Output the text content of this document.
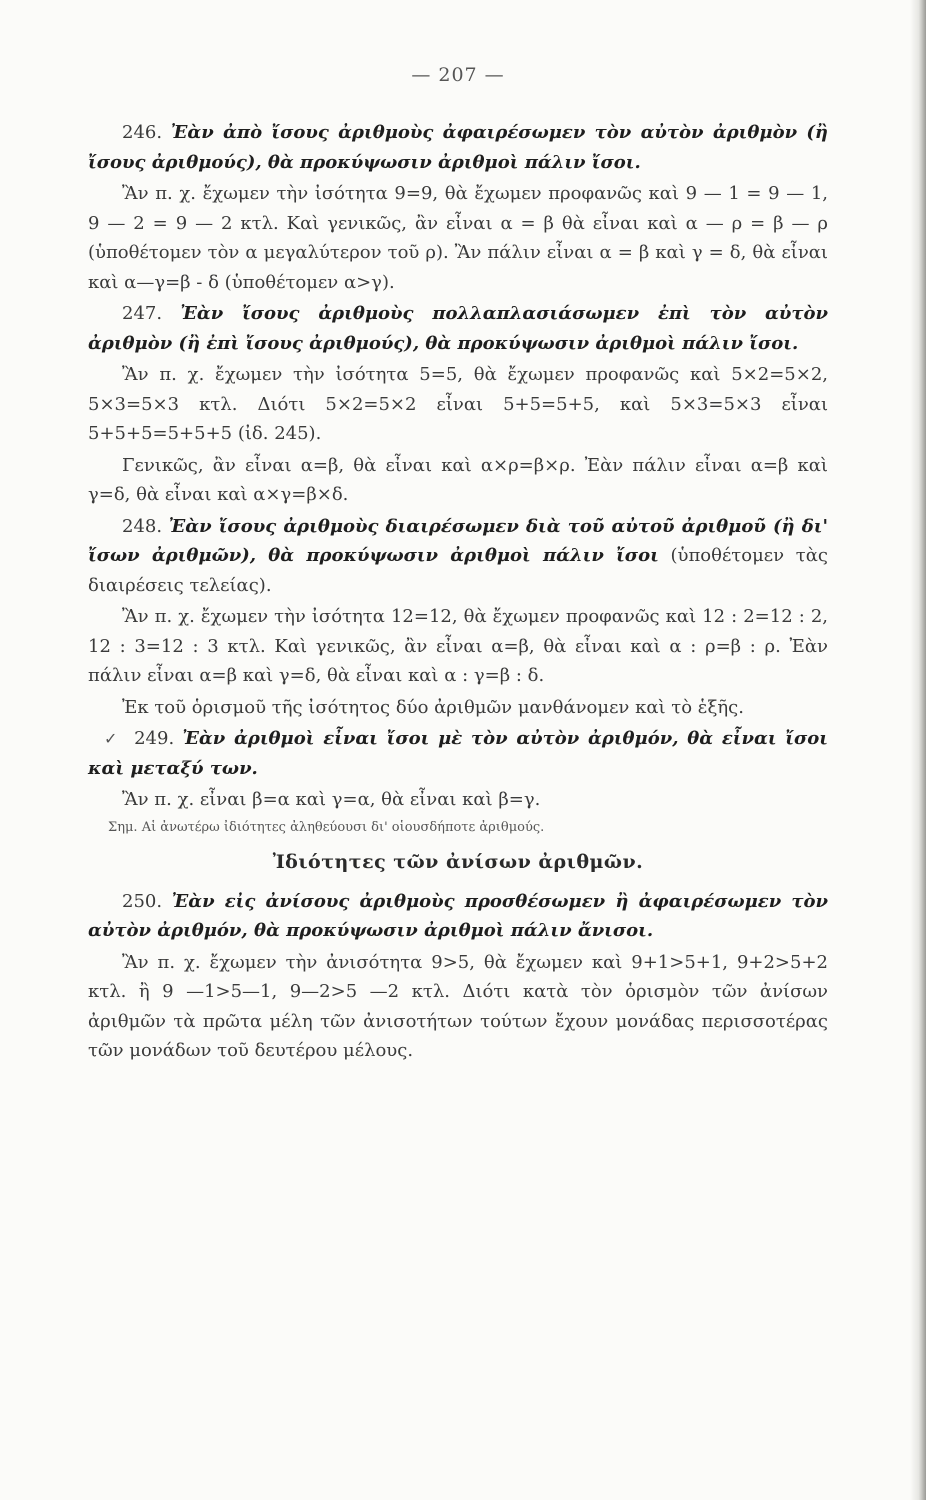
— 207 —

246. Ἐὰν ἀπὸ ἴσους ἀριθμοὺς ἀφαιρέσωμεν τὸν αὐτὸν ἀριθμὸν (ἢ ἴσους ἀριθμούς), θὰ προκύψωσιν ἀριθμοὶ πάλιν ἴσοι.

Ἂν π. χ. ἔχωμεν τὴν ἰσότητα 9=9, θὰ ἔχωμεν προφανῶς καὶ 9 — 1 = 9 — 1, 9 — 2 = 9 — 2 κτλ. Καὶ γενικῶς, ἂν εἶναι α = β θὰ εἶναι καὶ α — ρ = β — ρ (ὑποθέτομεν τὸν α μεγαλύτερον τοῦ ρ). Ἂν πάλιν εἶναι α = β καὶ γ = δ, θὰ εἶναι καὶ α—γ=β - δ (ὑποθέτομεν α>γ).

247. Ἐὰν ἴσους ἀριθμοὺς πολλαπλασιάσωμεν ἐπὶ τὸν αὐτὸν ἀριθμὸν (ἢ ἐπὶ ἴσους ἀριθμούς), θὰ προκύψωσιν ἀριθμοὶ πάλιν ἴσοι.

Ἂν π. χ. ἔχωμεν τὴν ἰσότητα 5=5, θὰ ἔχωμεν προφανῶς καὶ 5×2=5×2, 5×3=5×3 κτλ. Διότι 5×2=5×2 εἶναι 5+5=5+5, καὶ 5×3=5×3 εἶναι 5+5+5=5+5+5 (ἰδ. 245).

Γενικῶς, ἂν εἶναι α=β, θὰ εἶναι καὶ α×ρ=β×ρ. Ἐὰν πάλιν εἶναι α=β καὶ γ=δ, θὰ εἶναι καὶ α×γ=β×δ.

248. Ἐὰν ἴσους ἀριθμοὺς διαιρέσωμεν διὰ τοῦ αὐτοῦ ἀριθμοῦ (ἢ δι' ἴσων ἀριθμῶν), θὰ προκύψωσιν ἀριθμοὶ πάλιν ἴσοι (ὑποθέτομεν τὰς διαιρέσεις τελείας).

Ἂν π. χ. ἔχωμεν τὴν ἰσότητα 12=12, θὰ ἔχωμεν προφανῶς καὶ 12 : 2=12 : 2, 12 : 3=12 : 3 κτλ. Καὶ γενικῶς, ἂν εἶναι α=β, θὰ εἶναι καὶ α : ρ=β : ρ. Ἐὰν πάλιν εἶναι α=β καὶ γ=δ, θὰ εἶναι καὶ α : γ=β : δ.

Ἐκ τοῦ ὁρισμοῦ τῆς ἰσότητος δύο ἀριθμῶν μανθάνομεν καὶ τὸ ἑξῆς.

✓ 249. Ἐὰν ἀριθμοὶ εἶναι ἴσοι μὲ τὸν αὐτὸν ἀριθμόν, θὰ εἶναι ἴσοι καὶ μεταξύ των.

Ἂν π. χ. εἶναι β=α καὶ γ=α, θὰ εἶναι καὶ β=γ.

Σημ. Αἱ ἀνωτέρω ἰδιότητες ἀληθεύουσι δι' οἱουσδήποτε ἀριθμούς.
Ἰδιότητες τῶν ἀνίσων ἀριθμῶν.

250. Ἐὰν εἰς ἀνίσους ἀριθμοὺς προσθέσωμεν ἢ ἀφαιρέσωμεν τὸν αὐτὸν ἀριθμόν, θὰ προκύψωσιν ἀριθμοὶ πάλιν ἄνισοι.

Ἂν π. χ. ἔχωμεν τὴν ἀνισότητα 9>5, θὰ ἔχωμεν καὶ 9+1>5+1, 9+2>5+2 κτλ. ἢ 9 —1>5—1, 9—2>5 —2 κτλ. Διότι κατὰ τὸν ὁρισμὸν τῶν ἀνίσων ἀριθμῶν τὰ πρῶτα μέλη τῶν ἀνισοτήτων τούτων ἔχουν μονάδας περισσοτέρας τῶν μονάδων τοῦ δευτέρου μέλους.
